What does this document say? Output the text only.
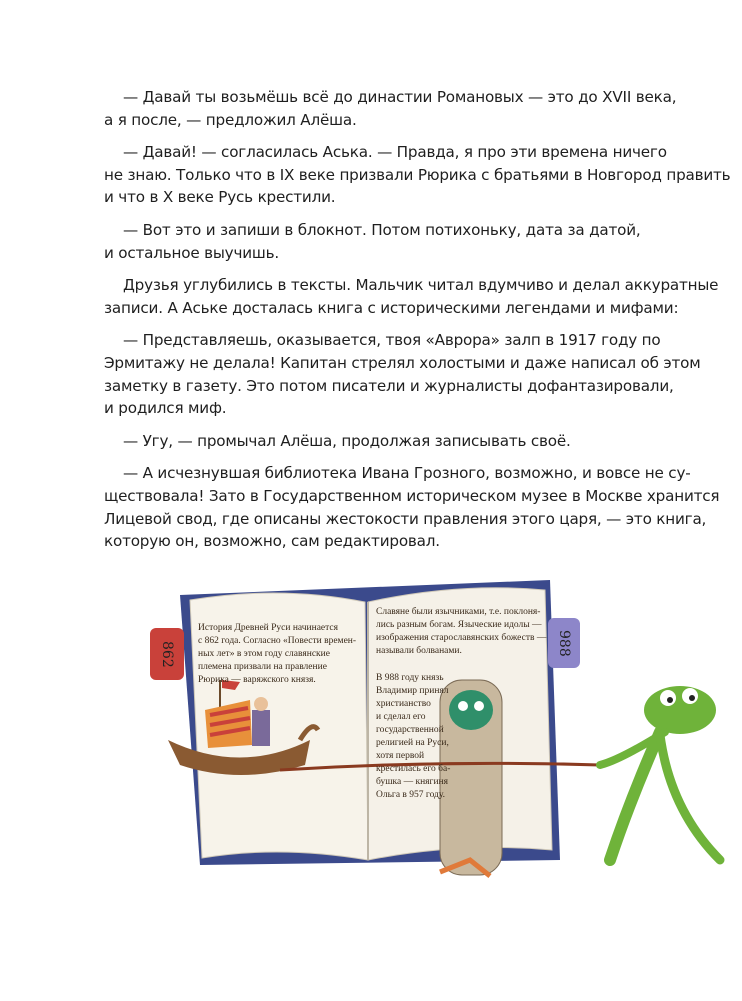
— Давай ты возьмёшь всё до династии Романовых — это до XVII века,
а я после, — предложил Алёша.
— Давай! — согласилась Аська. — Правда, я про эти времена ничего
не знаю. Только что в IX веке призвали Рюрика с братьями в Новгород править
и что в X веке Русь крестили.
— Вот это и запиши в блокнот. Потом потихоньку, дата за датой,
и остальное выучишь.
Друзья углубились в тексты. Мальчик читал вдумчиво и делал аккуратные
записи. А Аське досталась книга с историческими легендами и мифами:
— Представляешь, оказывается, твоя «Аврора» залп в 1917 году по
Эрмитажу не делала! Капитан стрелял холостыми и даже написал об этом
заметку в газету. Это потом писатели и журналисты дофантазировали,
и родился миф.
— Угу, — промычал Алёша, продолжая записывать своё.
— А исчезнувшая библиотека Ивана Грозного, возможно, и вовсе не су-
ществовала! Зато в Государственном историческом музее в Москве хранится
Лицевой свод, где описаны жестокости правления этого царя, — это книга,
которую он, возможно, сам редактировал.
862	988
История Древней Руси начинается
с 862 года. Согласно «Повести времен-
ных лет» в этом году славянские
племена призвали на правление
Рюрика — варяжского князя.
Славяне были язычниками, т.е. поклоня-
лись разным богам. Языческие идолы —
изображения старославянских божеств —
называли болванами.
В 988 году князь
Владимир принял
христианство
и сделал его
государственной
религией на Руси,
хотя первой
крестилась его ба-
бушка — княгиня
Ольга в 957 году.
